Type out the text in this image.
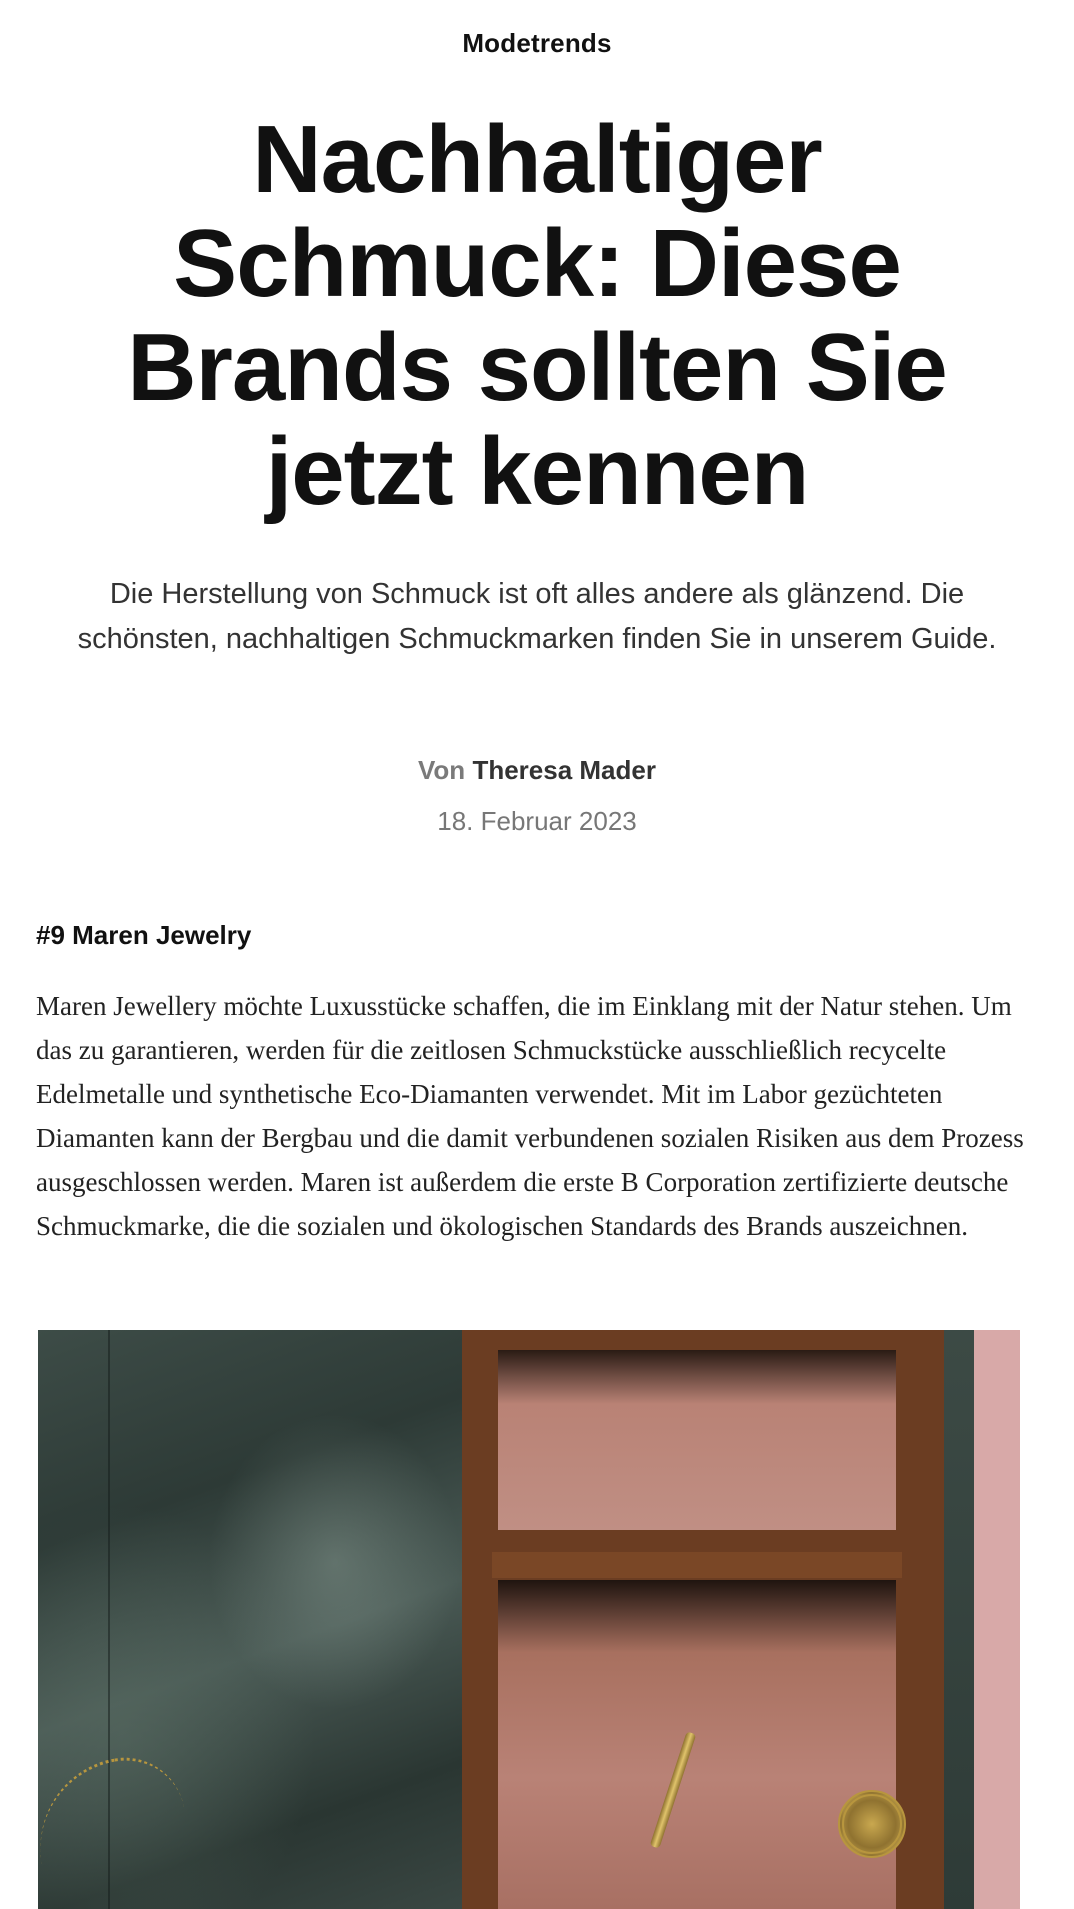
Modetrends
Nachhaltiger Schmuck: Diese Brands sollten Sie jetzt kennen
Die Herstellung von Schmuck ist oft alles andere als glänzend. Die schönsten, nachhaltigen Schmuckmarken finden Sie in unserem Guide.
Von Theresa Mader
18. Februar 2023
#9 Maren Jewelry
Maren Jewellery möchte Luxusstücke schaffen, die im Einklang mit der Natur stehen. Um das zu garantieren, werden für die zeitlosen Schmuckstücke ausschließlich recycelte Edelmetalle und synthetische Eco-Diamanten verwendet. Mit im Labor gezüchteten Diamanten kann der Bergbau und die damit verbundenen sozialen Risiken aus dem Prozess ausgeschlossen werden. Maren ist außerdem die erste B Corporation zertifizierte deutsche Schmuckmarke, die die sozialen und ökologischen Standards des Brands auszeichnen.
